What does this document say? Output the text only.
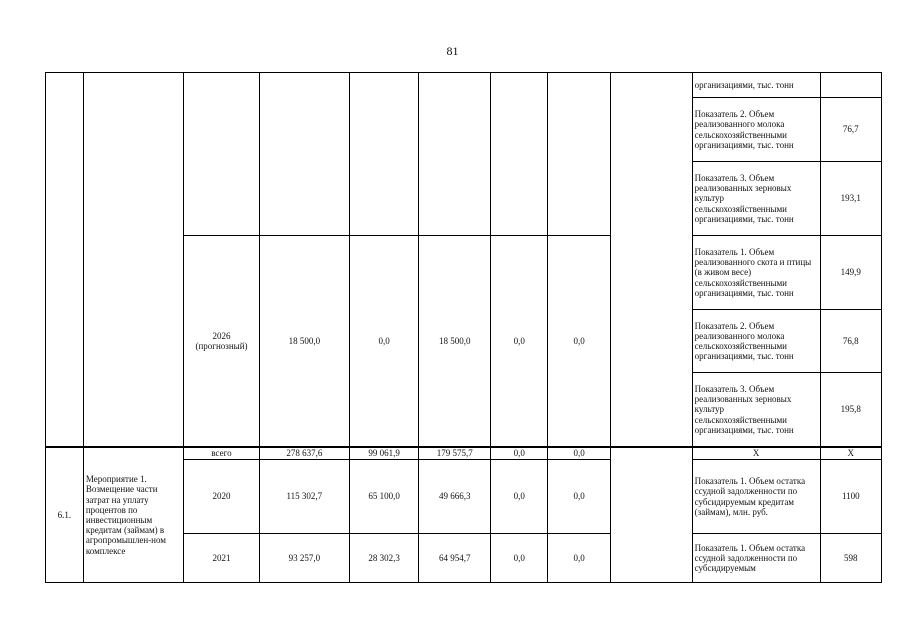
81
									организациями, тыс. тонн	
									Показатель 2. Объем реализованного молока сельскохозяйственными организациями, тыс. тонн	76,7
									Показатель 3. Объем реализованных зерновых культур сельскохозяйственными организациями, тыс. тонн	193,1
		2026 (прогнозный)	18 500,0	0,0	18 500,0	0,0	0,0		Показатель 1. Объем реализованного скота и птицы (в живом весе) сельскохозяйственными организациями, тыс. тонн	149,9
									Показатель 2. Объем реализованного молока сельскохозяйственными организациями, тыс. тонн	76,8
									Показатель 3. Объем реализованных зерновых культур сельскохозяйственными организациями, тыс. тонн	195,8
6.1.	Мероприятие 1. Возмещение части затрат на уплату процентов по инвестиционным кредитам (займам) в агропромышлен-ном комплексе	всего	278 637,6	99 061,9	179 575,7	0,0	0,0		Х	Х
		2020	115 302,7	65 100,0	49 666,3	0,0	0,0		Показатель 1. Объем остатка ссудной задолженности по субсидируемым кредитам (займам), млн. руб.	1100
		2021	93 257,0	28 302,3	64 954,7	0,0	0,0		Показатель 1. Объем остатка ссудной задолженности по субсидируемым	598
